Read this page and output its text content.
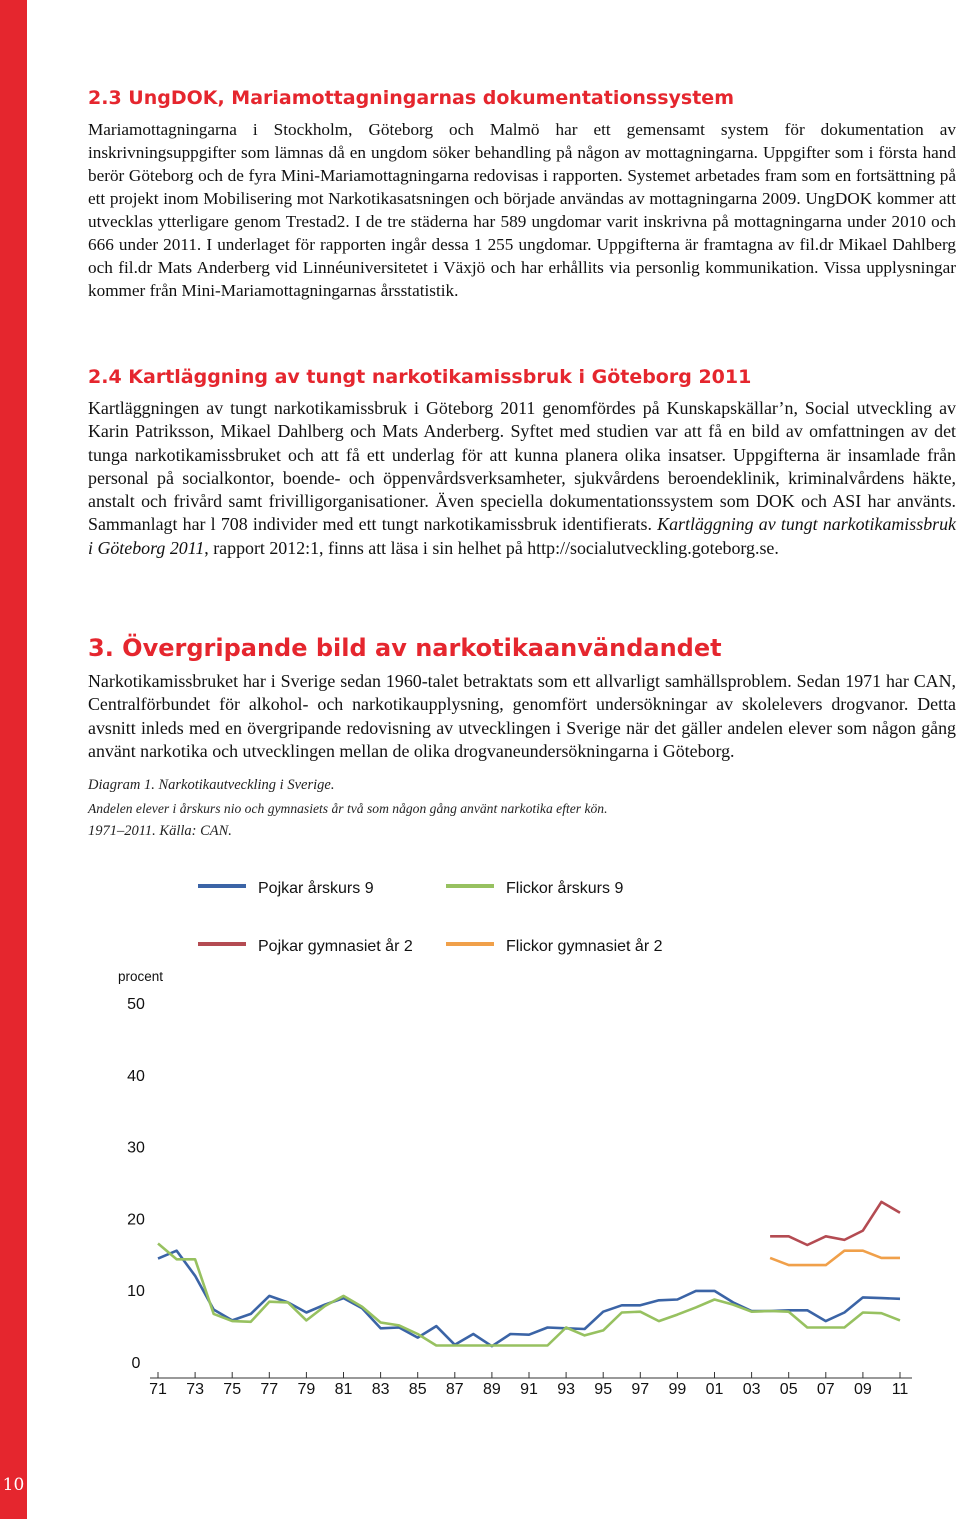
10
2.3 UngDOK, Mariamottagningarnas dokumentationssystem

Mariamottagningarna i Stockholm, Göteborg och Malmö har ett gemensamt system för dokumentation av inskrivningsuppgifter som lämnas då en ungdom söker behandling på någon av mottagningarna. Uppgifter som i första hand berör Göteborg och de fyra Mini-Mariamottagningarna redovisas i rapporten. Systemet arbetades fram som en fortsättning på ett projekt inom Mobilisering mot Narkotikasatsningen och började användas av mottagningarna 2009. UngDOK kommer att utvecklas ytterligare genom Trestad2. I de tre städerna har 589 ungdomar varit inskrivna på mottagningarna under 2010 och 666 under 2011. I underlaget för rapporten ingår dessa 1 255 ungdomar. Uppgifterna är framtagna av fil.dr Mikael Dahlberg och fil.dr Mats Anderberg vid Linnéuniversitetet i Växjö och har erhållits via personlig kommunikation. Vissa upplysningar kommer från Mini-Mariamottagningarnas årsstatistik.

2.4 Kartläggning av tungt narkotikamissbruk i Göteborg 2011

Kartläggningen av tungt narkotikamissbruk i Göteborg 2011 genomfördes på Kunskapskällar’n, Social utveckling av Karin Patriksson, Mikael Dahlberg och Mats Anderberg. Syftet med studien var att få en bild av omfattningen av det tunga narkotikamissbruket och att få ett underlag för att kunna planera olika insatser. Uppgifterna är insamlade från personal på socialkontor, boende- och öppenvårdsverksamheter, sjukvårdens beroendeklinik, kriminalvårdens häkte, anstalt och frivård samt frivilligorganisationer. Även speciella dokumentationssystem som DOK och ASI har använts. Sammanlagt har l 708 individer med ett tungt narkotikamissbruk identifierats. Kartläggning av tungt narkotikamissbruk i Göteborg 2011, rapport 2012:1, finns att läsa i sin helhet på http://socialutveckling.goteborg.se.

3. Övergripande bild av narkotikaanvändandet

Narkotikamissbruket har i Sverige sedan 1960-talet betraktats som ett allvarligt samhällsproblem. Sedan 1971 har CAN, Centralförbundet för alkohol- och narkotikaupplysning, genomfört undersökningar av skolelevers drogvanor. Detta avsnitt inleds med en övergripande redovisning av utvecklingen i Sverige när det gäller andelen elever som någon gång använt narkotika och utvecklingen mellan de olika drogvaneundersökningarna i Göteborg.

Diagram 1. Narkotikautveckling i Sverige.

Andelen elever i årskurs nio och gymnasiets år två som någon gång använt narkotika efter kön.

1971–2011. Källa: CAN.

Pojkar årskurs 9	Flickor årskurs 9
Pojkar gymnasiet år 2	Flickor gymnasiet år 2
procent
0
10
20
30
40
50
71 73 75 77 79 81 83 85 87 89 91 93 95 97 99 01 03 05 07 09 11
